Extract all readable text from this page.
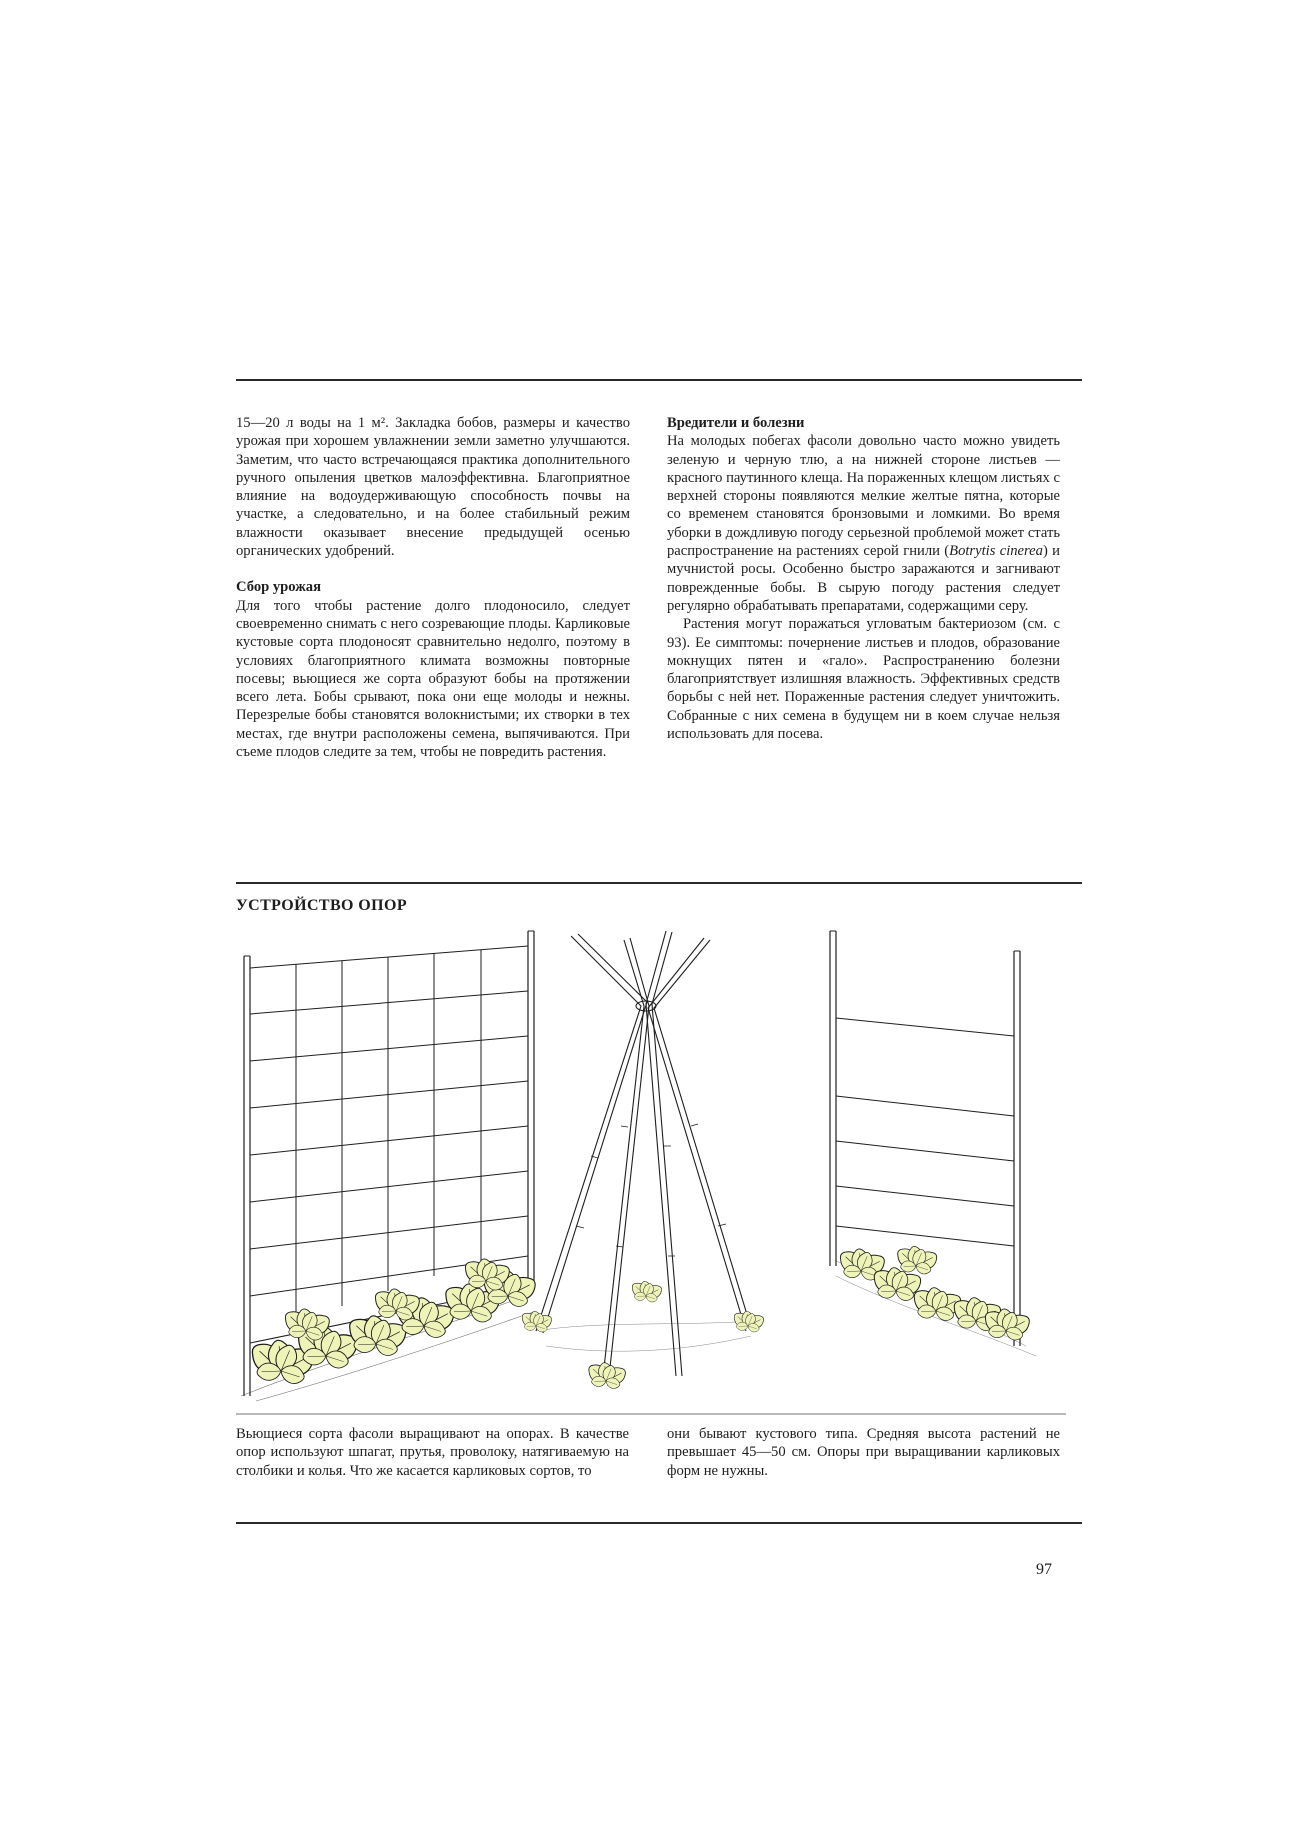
15—20 л воды на 1 м². Закладка бобов, размеры и качество урожая при хорошем увлажнении земли заметно улучшаются. Заметим, что часто встречающаяся практика дополнительного ручного опыления цветков малоэффективна. Благоприятное влияние на водоудерживающую способность почвы на участке, а следовательно, и на более стабильный режим влажности оказывает внесение предыдущей осенью органических удобрений.

Сбор урожая

Для того чтобы растение долго плодоносило, следует своевременно снимать с него созревающие плоды. Карликовые кустовые сорта плодоносят сравнительно недолго, поэтому в условиях благоприятного климата возможны повторные посевы; вьющиеся же сорта образуют бобы на протяжении всего лета. Бобы срывают, пока они еще молоды и нежны. Перезрелые бобы становятся волокнистыми; их створки в тех местах, где внутри расположены семена, выпячиваются. При съеме плодов следите за тем, чтобы не повредить растения.

Вредители и болезни

На молодых побегах фасоли довольно часто можно увидеть зеленую и черную тлю, а на нижней стороне листьев — красного паутинного клеща. На пораженных клещом листьях с верхней стороны появляются мелкие желтые пятна, которые со временем становятся бронзовыми и ломкими. Во время уборки в дождливую погоду серьезной проблемой может стать распространение на растениях серой гнили (Botrytis cinerea) и мучнистой росы. Особенно быстро заражаются и загнивают поврежденные бобы. В сырую погоду растения следует регулярно обрабатывать препаратами, содержащими серу.

Растения могут поражаться угловатым бактериозом (см. с 93). Ее симптомы: почернение листьев и плодов, образование мокнущих пятен и «гало». Распространению болезни благоприятствует излишняя влажность. Эффективных средств борьбы с ней нет. Пораженные растения следует уничтожить. Собранные с них семена в будущем ни в коем случае нельзя использовать для посева.

УСТРОЙСТВО ОПОР

Вьющиеся сорта фасоли выращивают на опорах. В качестве опор используют шпагат, прутья, проволоку, натягиваемую на столбики и колья. Что же касается карликовых сортов, то

они бывают кустового типа. Средняя высота растений не превышает 45—50 см. Опоры при выращивании карликовых форм не нужны.

97
